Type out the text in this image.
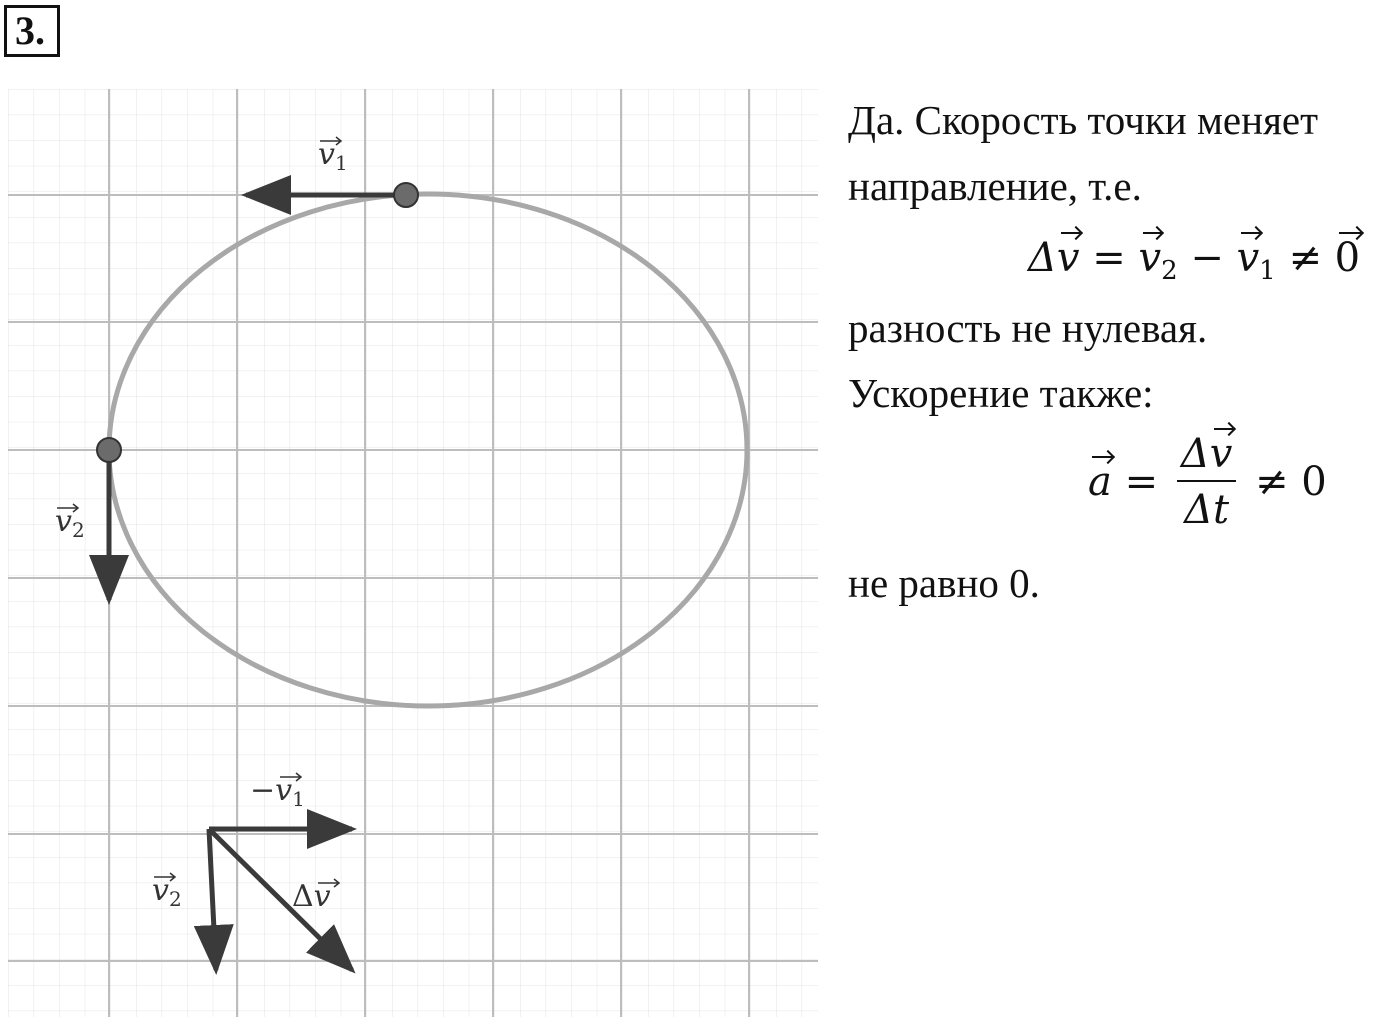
3.
$v_1$
$v_2$
$-v_1$
$v_2$	Δv
Да. Скорость точки меняет
направление, т.е.
$\Delta v = v_2 - v_1 \ne 0$
разность не нулевая.
Ускорение также:
$a = \frac{\Delta v}{\Delta t} \ne 0$
не равно 0.
